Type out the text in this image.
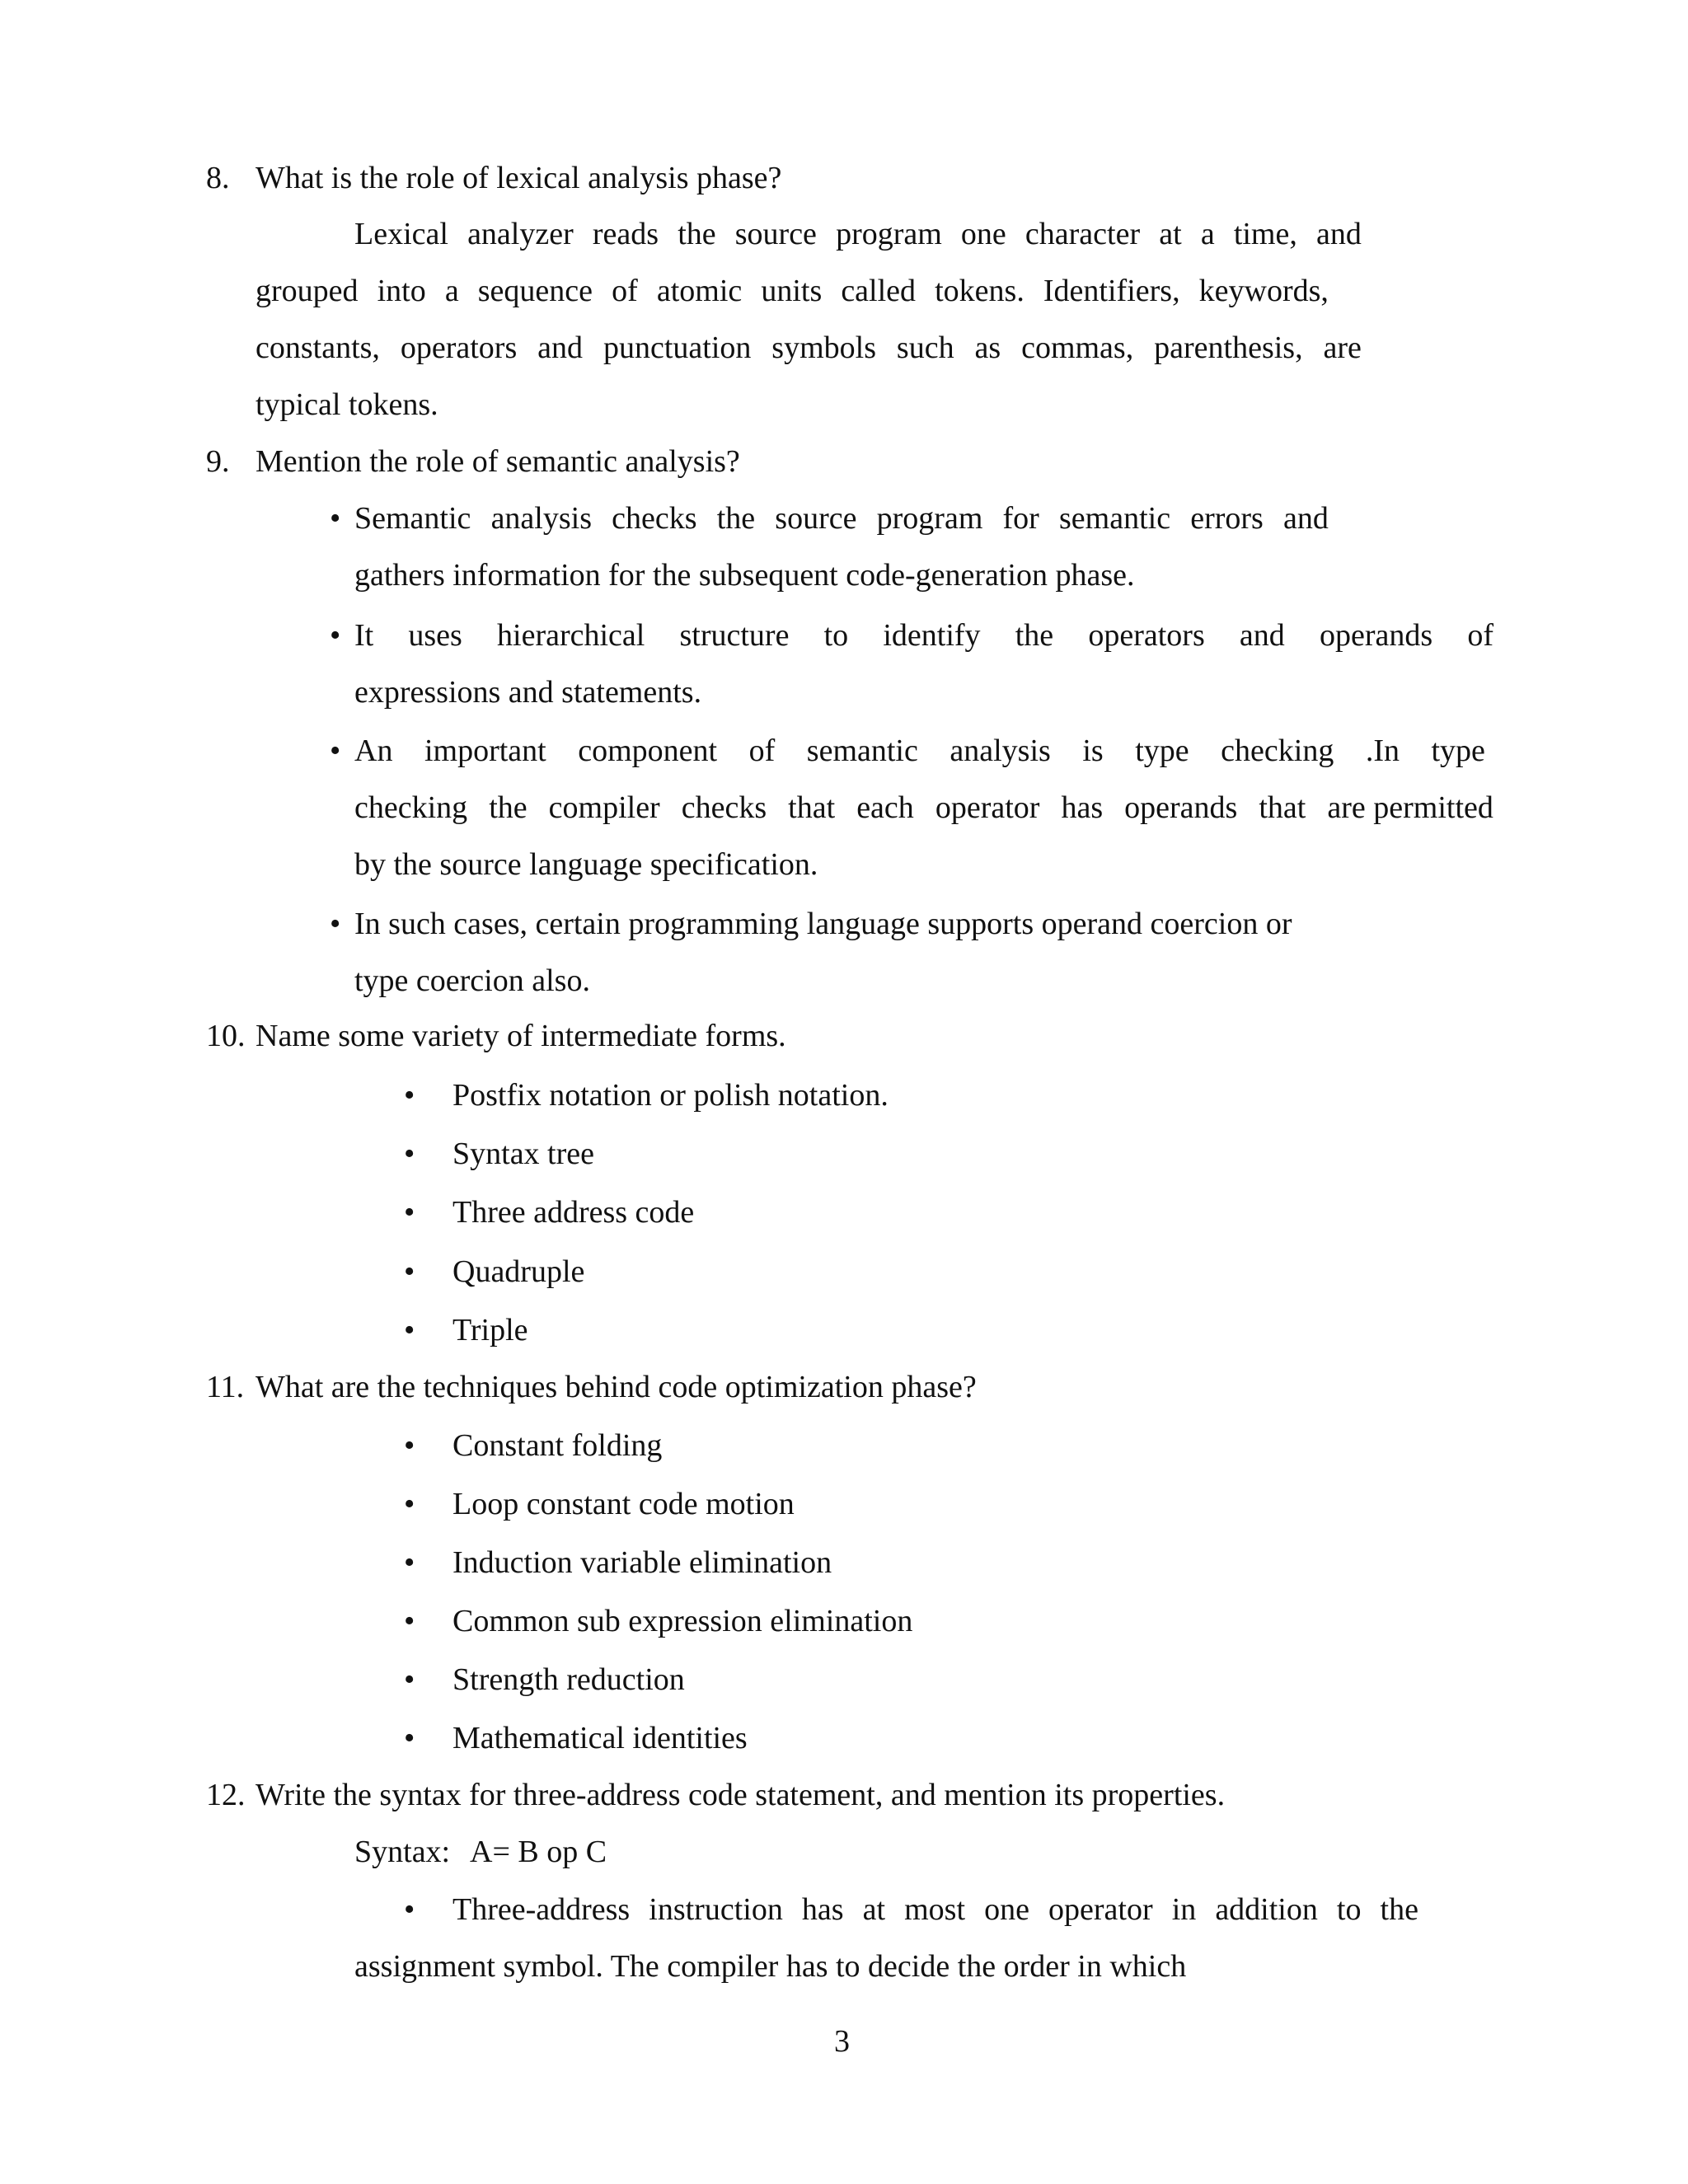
8. What is the role of lexical analysis phase?
Lexical analyzer reads the source program one character at a time, and
grouped into a sequence of atomic units called tokens. Identifiers, keywords,
constants, operators and punctuation symbols such as commas, parenthesis, are
typical tokens.
9. Mention the role of semantic analysis?
• Semantic analysis checks the source program for semantic errors and
gathers information for the subsequent code-generation phase.
• It uses hierarchical structure to identify the operators and operands of
expressions and statements.
• An important component of semantic analysis is type checking .In type
checking the compiler checks that each operator has operands that are permitted
by the source language specification.
• In such cases, certain programming language supports operand coercion or
type coercion also.
10. Name some variety of intermediate forms.
• Postfix notation or polish notation.
• Syntax tree
• Three address code
• Quadruple
• Triple
11. What are the techniques behind code optimization phase?
• Constant folding
• Loop constant code motion
• Induction variable elimination
• Common sub expression elimination
• Strength reduction
• Mathematical identities
12. Write the syntax for three-address code statement, and mention its properties.
Syntax: A= B op C
• Three-address instruction has at most one operator in addition to the
assignment symbol. The compiler has to decide the order in which
3
